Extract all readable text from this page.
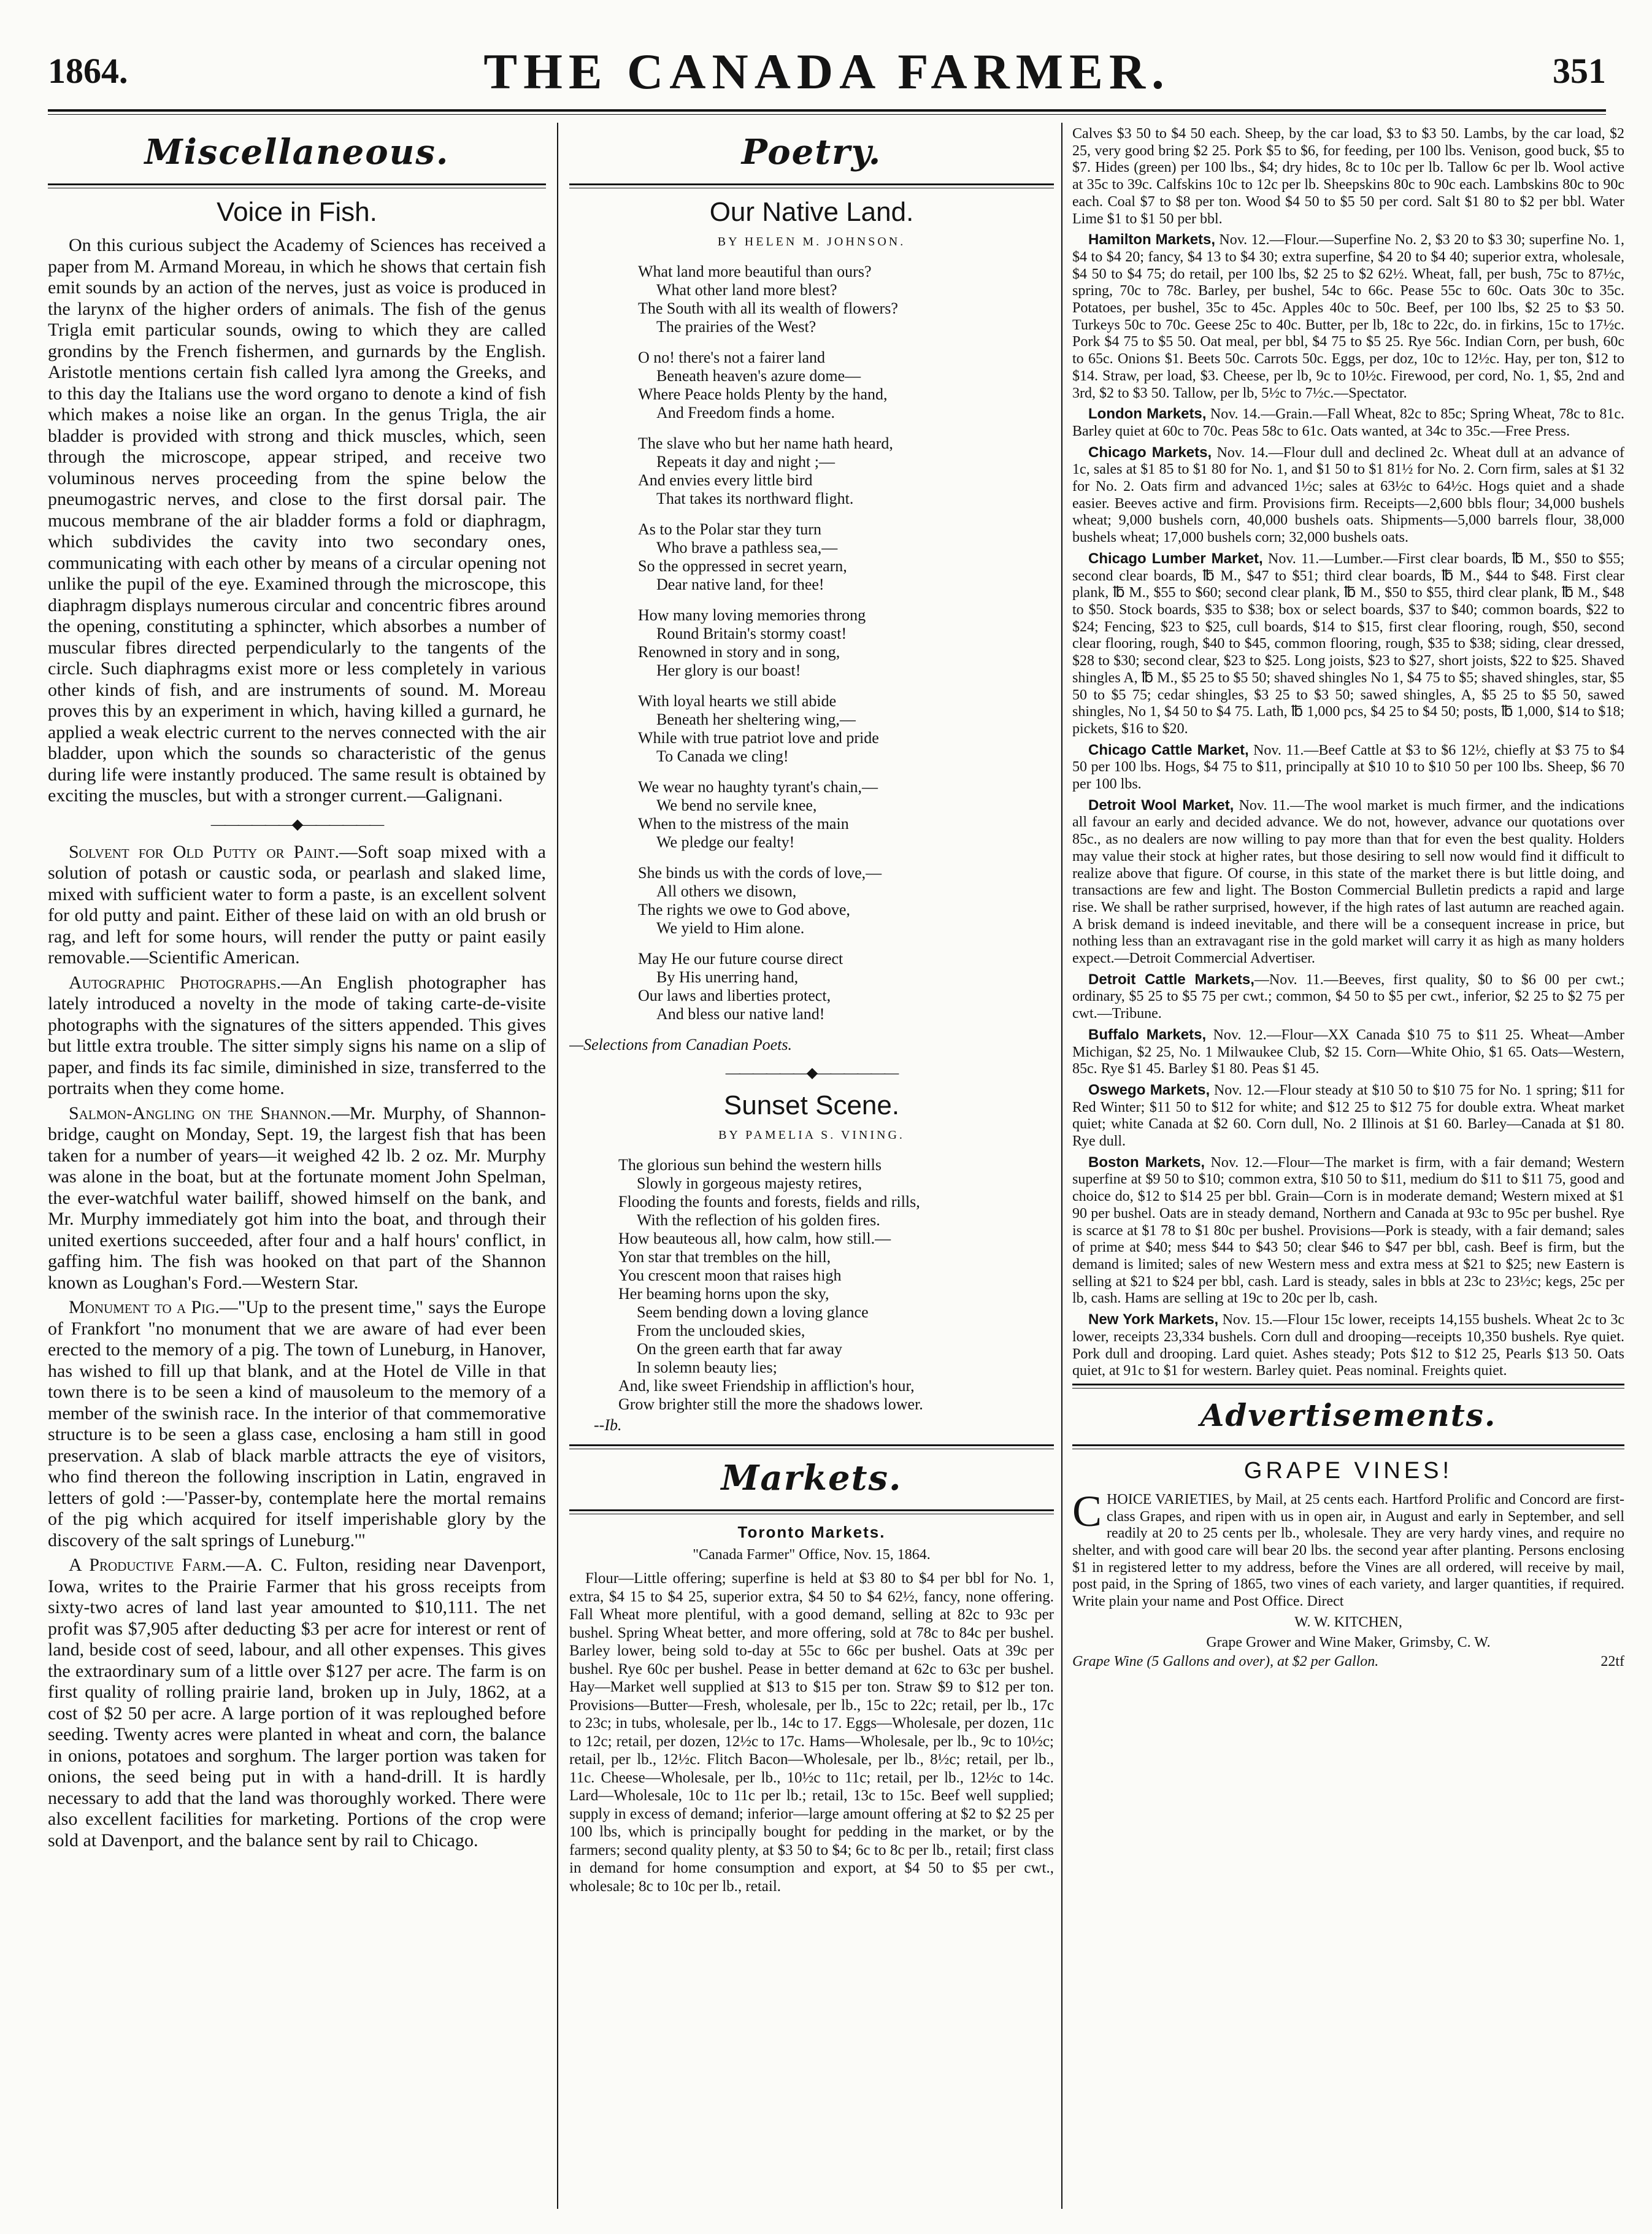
1864.	THE CANADA FARMER.	351
Miscellaneous.
Voice in Fish.

On this curious subject the Academy of Sciences has received a paper from M. Armand Moreau, in which he shows that certain fish emit sounds by an action of the nerves, just as voice is produced in the larynx of the higher orders of animals. The fish of the genus Trigla emit particular sounds, owing to which they are called grondins by the French fishermen, and gurnards by the English. Aristotle mentions certain fish called lyra among the Greeks, and to this day the Italians use the word organo to denote a kind of fish which makes a noise like an organ. In the genus Trigla, the air bladder is provided with strong and thick muscles, which, seen through the microscope, appear striped, and receive two voluminous nerves proceeding from the spine below the pneumogastric nerves, and close to the first dorsal pair. The mucous membrane of the air bladder forms a fold or diaphragm, which subdivides the cavity into two secondary ones, communicating with each other by means of a circular opening not unlike the pupil of the eye. Examined through the microscope, this diaphragm displays numerous circular and concentric fibres around the opening, constituting a sphincter, which absorbes a number of muscular fibres directed perpendicularly to the tangents of the circle. Such diaphragms exist more or less completely in various other kinds of fish, and are instruments of sound. M. Moreau proves this by an experiment in which, having killed a gurnard, he applied a weak electric current to the nerves connected with the air bladder, upon which the sounds so characteristic of the genus during life were instantly produced. The same result is obtained by exciting the muscles, but with a stronger current.—Galignani.

——————◆——————

Solvent for Old Putty or Paint.—Soft soap mixed with a solution of potash or caustic soda, or pearlash and slaked lime, mixed with sufficient water to form a paste, is an excellent solvent for old putty and paint. Either of these laid on with an old brush or rag, and left for some hours, will render the putty or paint easily removable.—Scientific American.

Autographic Photographs.—An English photographer has lately introduced a novelty in the mode of taking carte-de-visite photographs with the signatures of the sitters appended. This gives but little extra trouble. The sitter simply signs his name on a slip of paper, and finds its fac simile, diminished in size, transferred to the portraits when they come home.

Salmon-Angling on the Shannon.—Mr. Murphy, of Shannon-bridge, caught on Monday, Sept. 19, the largest fish that has been taken for a number of years—it weighed 42 lb. 2 oz. Mr. Murphy was alone in the boat, but at the fortunate moment John Spelman, the ever-watchful water bailiff, showed himself on the bank, and Mr. Murphy immediately got him into the boat, and through their united exertions succeeded, after four and a half hours' conflict, in gaffing him. The fish was hooked on that part of the Shannon known as Loughan's Ford.—Western Star.

Monument to a Pig.—"Up to the present time," says the Europe of Frankfort "no monument that we are aware of had ever been erected to the memory of a pig. The town of Luneburg, in Hanover, has wished to fill up that blank, and at the Hotel de Ville in that town there is to be seen a kind of mausoleum to the memory of a member of the swinish race. In the interior of that commemorative structure is to be seen a glass case, enclosing a ham still in good preservation. A slab of black marble attracts the eye of visitors, who find thereon the following inscription in Latin, engraved in letters of gold :—'Passer-by, contemplate here the mortal remains of the pig which acquired for itself imperishable glory by the discovery of the salt springs of Luneburg.'"

A Productive Farm.—A. C. Fulton, residing near Davenport, Iowa, writes to the Prairie Farmer that his gross receipts from sixty-two acres of land last year amounted to $10,111. The net profit was $7,905 after deducting $3 per acre for interest or rent of land, beside cost of seed, labour, and all other expenses. This gives the extraordinary sum of a little over $127 per acre. The farm is on first quality of rolling prairie land, broken up in July, 1862, at a cost of $2 50 per acre. A large portion of it was reploughed before seeding. Twenty acres were planted in wheat and corn, the balance in onions, potatoes and sorghum. The larger portion was taken for onions, the seed being put in with a hand-drill. It is hardly necessary to add that the land was thoroughly worked. There were also excellent facilities for marketing. Portions of the crop were sold at Davenport, and the balance sent by rail to Chicago.

Poetry.
Our Native Land.
BY HELEN M. JOHNSON.
What land more beautiful than ours?
What other land more blest?
The South with all its wealth of flowers?
The prairies of the West?
O no! there's not a fairer land
Beneath heaven's azure dome—
Where Peace holds Plenty by the hand,
And Freedom finds a home.
The slave who but her name hath heard,
Repeats it day and night ;—
And envies every little bird
That takes its northward flight.
As to the Polar star they turn
Who brave a pathless sea,—
So the oppressed in secret yearn,
Dear native land, for thee!
How many loving memories throng
Round Britain's stormy coast!
Renowned in story and in song,
Her glory is our boast!
With loyal hearts we still abide
Beneath her sheltering wing,—
While with true patriot love and pride
To Canada we cling!
We wear no haughty tyrant's chain,—
We bend no servile knee,
When to the mistress of the main
We pledge our fealty!
She binds us with the cords of love,—
All others we disown,
The rights we owe to God above,
We yield to Him alone.
May He our future course direct
By His unerring hand,
Our laws and liberties protect,
And bless our native land!
—Selections from Canadian Poets.
——————◆——————
Sunset Scene.
BY PAMELIA S. VINING.
The glorious sun behind the western hills
Slowly in gorgeous majesty retires,
Flooding the founts and forests, fields and rills,
With the reflection of his golden fires.
How beauteous all, how calm, how still.—
Yon star that trembles on the hill,
You crescent moon that raises high
Her beaming horns upon the sky,
Seem bending down a loving glance
From the unclouded skies,
On the green earth that far away
In solemn beauty lies;
And, like sweet Friendship in affliction's hour,
Grow brighter still the more the shadows lower.
--Ib.
Markets.
Toronto Markets.
"Canada Farmer" Office, Nov. 15, 1864.

Flour—Little offering; superfine is held at $3 80 to $4 per bbl for No. 1, extra, $4 15 to $4 25, superior extra, $4 50 to $4 62½, fancy, none offering. Fall Wheat more plentiful, with a good demand, selling at 82c to 93c per bushel. Spring Wheat better, and more offering, sold at 78c to 84c per bushel. Barley lower, being sold to-day at 55c to 66c per bushel. Oats at 39c per bushel. Rye 60c per bushel. Pease in better demand at 62c to 63c per bushel. Hay—Market well supplied at $13 to $15 per ton. Straw $9 to $12 per ton. Provisions—Butter—Fresh, wholesale, per lb., 15c to 22c; retail, per lb., 17c to 23c; in tubs, wholesale, per lb., 14c to 17. Eggs—Wholesale, per dozen, 11c to 12c; retail, per dozen, 12½c to 17c. Hams—Wholesale, per lb., 9c to 10½c; retail, per lb., 12½c. Flitch Bacon—Wholesale, per lb., 8½c; retail, per lb., 11c. Cheese—Wholesale, per lb., 10½c to 11c; retail, per lb., 12½c to 14c. Lard—Wholesale, 10c to 11c per lb.; retail, 13c to 15c. Beef well supplied; supply in excess of demand; inferior—large amount offering at $2 to $2 25 per 100 lbs, which is principally bought for pedding in the market, or by the farmers; second quality plenty, at $3 50 to $4; 6c to 8c per lb., retail; first class in demand for home consumption and export, at $4 50 to $5 per cwt., wholesale; 8c to 10c per lb., retail.

Calves $3 50 to $4 50 each. Sheep, by the car load, $3 to $3 50. Lambs, by the car load, $2 25, very good bring $2 25. Pork $5 to $6, for feeding, per 100 lbs. Venison, good buck, $5 to $7. Hides (green) per 100 lbs., $4; dry hides, 8c to 10c per lb. Tallow 6c per lb. Wool active at 35c to 39c. Calfskins 10c to 12c per lb. Sheepskins 80c to 90c each. Lambskins 80c to 90c each. Coal $7 to $8 per ton. Wood $4 50 to $5 50 per cord. Salt $1 80 to $2 per bbl. Water Lime $1 to $1 50 per bbl.

Hamilton Markets, Nov. 12.—Flour.—Superfine No. 2, $3 20 to $3 30; superfine No. 1, $4 to $4 20; fancy, $4 13 to $4 30; extra superfine, $4 20 to $4 40; superior extra, wholesale, $4 50 to $4 75; do retail, per 100 lbs, $2 25 to $2 62½. Wheat, fall, per bush, 75c to 87½c, spring, 70c to 78c. Barley, per bushel, 54c to 66c. Pease 55c to 60c. Oats 30c to 35c. Potatoes, per bushel, 35c to 45c. Apples 40c to 50c. Beef, per 100 lbs, $2 25 to $3 50. Turkeys 50c to 70c. Geese 25c to 40c. Butter, per lb, 18c to 22c, do. in firkins, 15c to 17½c. Pork $4 75 to $5 50. Oat meal, per bbl, $4 75 to $5 25. Rye 56c. Indian Corn, per bush, 60c to 65c. Onions $1. Beets 50c. Carrots 50c. Eggs, per doz, 10c to 12½c. Hay, per ton, $12 to $14. Straw, per load, $3. Cheese, per lb, 9c to 10½c. Firewood, per cord, No. 1, $5, 2nd and 3rd, $2 to $3 50. Tallow, per lb, 5½c to 7½c.—Spectator.

London Markets, Nov. 14.—Grain.—Fall Wheat, 82c to 85c; Spring Wheat, 78c to 81c. Barley quiet at 60c to 70c. Peas 58c to 61c. Oats wanted, at 34c to 35c.—Free Press.

Chicago Markets, Nov. 14.—Flour dull and declined 2c. Wheat dull at an advance of 1c, sales at $1 85 to $1 80 for No. 1, and $1 50 to $1 81½ for No. 2. Corn firm, sales at $1 32 for No. 2. Oats firm and advanced 1½c; sales at 63½c to 64½c. Hogs quiet and a shade easier. Beeves active and firm. Provisions firm. Receipts—2,600 bbls flour; 34,000 bushels wheat; 9,000 bushels corn, 40,000 bushels oats. Shipments—5,000 barrels flour, 38,000 bushels wheat; 17,000 bushels corn; 32,000 bushels oats.

Chicago Lumber Market, Nov. 11.—Lumber.—First clear boards, ℔ M., $50 to $55; second clear boards, ℔ M., $47 to $51; third clear boards, ℔ M., $44 to $48. First clear plank, ℔ M., $55 to $60; second clear plank, ℔ M., $50 to $55, third clear plank, ℔ M., $48 to $50. Stock boards, $35 to $38; box or select boards, $37 to $40; common boards, $22 to $24; Fencing, $23 to $25, cull boards, $14 to $15, first clear flooring, rough, $50, second clear flooring, rough, $40 to $45, common flooring, rough, $35 to $38; siding, clear dressed, $28 to $30; second clear, $23 to $25. Long joists, $23 to $27, short joists, $22 to $25. Shaved shingles A, ℔ M., $5 25 to $5 50; shaved shingles No 1, $4 75 to $5; shaved shingles, star, $5 50 to $5 75; cedar shingles, $3 25 to $3 50; sawed shingles, A, $5 25 to $5 50, sawed shingles, No 1, $4 50 to $4 75. Lath, ℔ 1,000 pcs, $4 25 to $4 50; posts, ℔ 1,000, $14 to $18; pickets, $16 to $20.

Chicago Cattle Market, Nov. 11.—Beef Cattle at $3 to $6 12½, chiefly at $3 75 to $4 50 per 100 lbs. Hogs, $4 75 to $11, principally at $10 10 to $10 50 per 100 lbs. Sheep, $6 70 per 100 lbs.

Detroit Wool Market, Nov. 11.—The wool market is much firmer, and the indications all favour an early and decided advance. We do not, however, advance our quotations over 85c., as no dealers are now willing to pay more than that for even the best quality. Holders may value their stock at higher rates, but those desiring to sell now would find it difficult to realize above that figure. Of course, in this state of the market there is but little doing, and transactions are few and light. The Boston Commercial Bulletin predicts a rapid and large rise. We shall be rather surprised, however, if the high rates of last autumn are reached again. A brisk demand is indeed inevitable, and there will be a consequent increase in price, but nothing less than an extravagant rise in the gold market will carry it as high as many holders expect.—Detroit Commercial Advertiser.

Detroit Cattle Markets,—Nov. 11.—Beeves, first quality, $0 to $6 00 per cwt.; ordinary, $5 25 to $5 75 per cwt.; common, $4 50 to $5 per cwt., inferior, $2 25 to $2 75 per cwt.—Tribune.

Buffalo Markets, Nov. 12.—Flour—XX Canada $10 75 to $11 25. Wheat—Amber Michigan, $2 25, No. 1 Milwaukee Club, $2 15. Corn—White Ohio, $1 65. Oats—Western, 85c. Rye $1 45. Barley $1 80. Peas $1 45.

Oswego Markets, Nov. 12.—Flour steady at $10 50 to $10 75 for No. 1 spring; $11 for Red Winter; $11 50 to $12 for white; and $12 25 to $12 75 for double extra. Wheat market quiet; white Canada at $2 60. Corn dull, No. 2 Illinois at $1 60. Barley—Canada at $1 80. Rye dull.

Boston Markets, Nov. 12.—Flour—The market is firm, with a fair demand; Western superfine at $9 50 to $10; common extra, $10 50 to $11, medium do $11 to $11 75, good and choice do, $12 to $14 25 per bbl. Grain—Corn is in moderate demand; Western mixed at $1 90 per bushel. Oats are in steady demand, Northern and Canada at 93c to 95c per bushel. Rye is scarce at $1 78 to $1 80c per bushel. Provisions—Pork is steady, with a fair demand; sales of prime at $40; mess $44 to $43 50; clear $46 to $47 per bbl, cash. Beef is firm, but the demand is limited; sales of new Western mess and extra mess at $21 to $25; new Eastern is selling at $21 to $24 per bbl, cash. Lard is steady, sales in bbls at 23c to 23½c; kegs, 25c per lb, cash. Hams are selling at 19c to 20c per lb, cash.

New York Markets, Nov. 15.—Flour 15c lower, receipts 14,155 bushels. Wheat 2c to 3c lower, receipts 23,334 bushels. Corn dull and drooping—receipts 10,350 bushels. Rye quiet. Pork dull and drooping. Lard quiet. Ashes steady; Pots $12 to $12 25, Pearls $13 50. Oats quiet, at 91c to $1 for western. Barley quiet. Peas nominal. Freights quiet.

Advertisements.
GRAPE VINES!

CHOICE VARIETIES, by Mail, at 25 cents each. Hartford Prolific and Concord are first-class Grapes, and ripen with us in open air, in August and early in September, and sell readily at 20 to 25 cents per lb., wholesale. They are very hardy vines, and require no shelter, and with good care will bear 20 lbs. the second year after planting. Persons enclosing $1 in registered letter to my address, before the Vines are all ordered, will receive by mail, post paid, in the Spring of 1865, two vines of each variety, and larger quantities, if required. Write plain your name and Post Office. Direct

W. W. KITCHEN,
Grape Grower and Wine Maker, Grimsby, C. W.
Grape Wine (5 Gallons and over), at $2 per Gallon.	22tf
